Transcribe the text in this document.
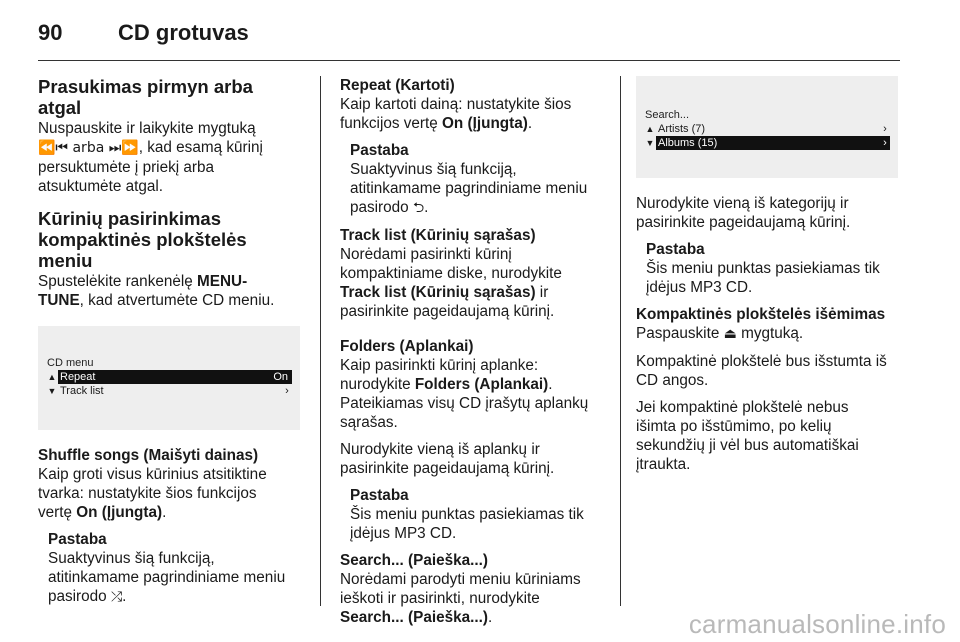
90	CD grotuvas
Prasukimas pirmyn arba atgal

Nuspauskite ir laikykite mygtuką

⏪⏮ arba ⏭⏩, kad esamą kūrinį

persuktumėte į priekį arba

atsuktumėte atgal.

Kūrinių pasirinkimas
kompaktinės plokštelės meniu

Spustelėkite rankenėlę MENU-

TUNE, kad atvertumėte CD meniu.

CD menu
▲ Repeat	On
▼ Track list	›
Shuffle songs (Maišyti dainas)

Kaip groti visus kūrinius atsitiktine

tvarka: nustatykite šios funkcijos

vertę On (Įjungta).

Pastaba

Suaktyvinus šią funkciją,

atitinkamame pagrindiniame meniu

pasirodo ⤮.

Repeat (Kartoti)

Kaip kartoti dainą: nustatykite šios

funkcijos vertę On (Įjungta).

Pastaba

Suaktyvinus šią funkciją,

atitinkamame pagrindiniame meniu

pasirodo ⮌.

Track list (Kūrinių sąrašas)

Norėdami pasirinkti kūrinį

kompaktiniame diske, nurodykite

Track list (Kūrinių sąrašas) ir

pasirinkite pageidaujamą kūrinį.

Folders (Aplankai)

Kaip pasirinkti kūrinį aplanke:

nurodykite Folders (Aplankai).

Pateikiamas visų CD įrašytų aplankų

sąrašas.

Nurodykite vieną iš aplankų ir

pasirinkite pageidaujamą kūrinį.

Pastaba

Šis meniu punktas pasiekiamas tik

įdėjus MP3 CD.

Search... (Paieška...)

Norėdami parodyti meniu kūriniams

ieškoti ir pasirinkti, nurodykite

Search... (Paieška...).

Search...
▲ Artists (7)	›
▼ Albums (15)	›

Nurodykite vieną iš kategorijų ir

pasirinkite pageidaujamą kūrinį.

Pastaba

Šis meniu punktas pasiekiamas tik

įdėjus MP3 CD.

Kompaktinės plokštelės išėmimas

Paspauskite ⏏ mygtuką.

Kompaktinė plokštelė bus išstumta iš

CD angos.

Jei kompaktinė plokštelė nebus

išimta po išstūmimo, po kelių

sekundžių ji vėl bus automatiškai

įtraukta.

carmanualsonline.info
